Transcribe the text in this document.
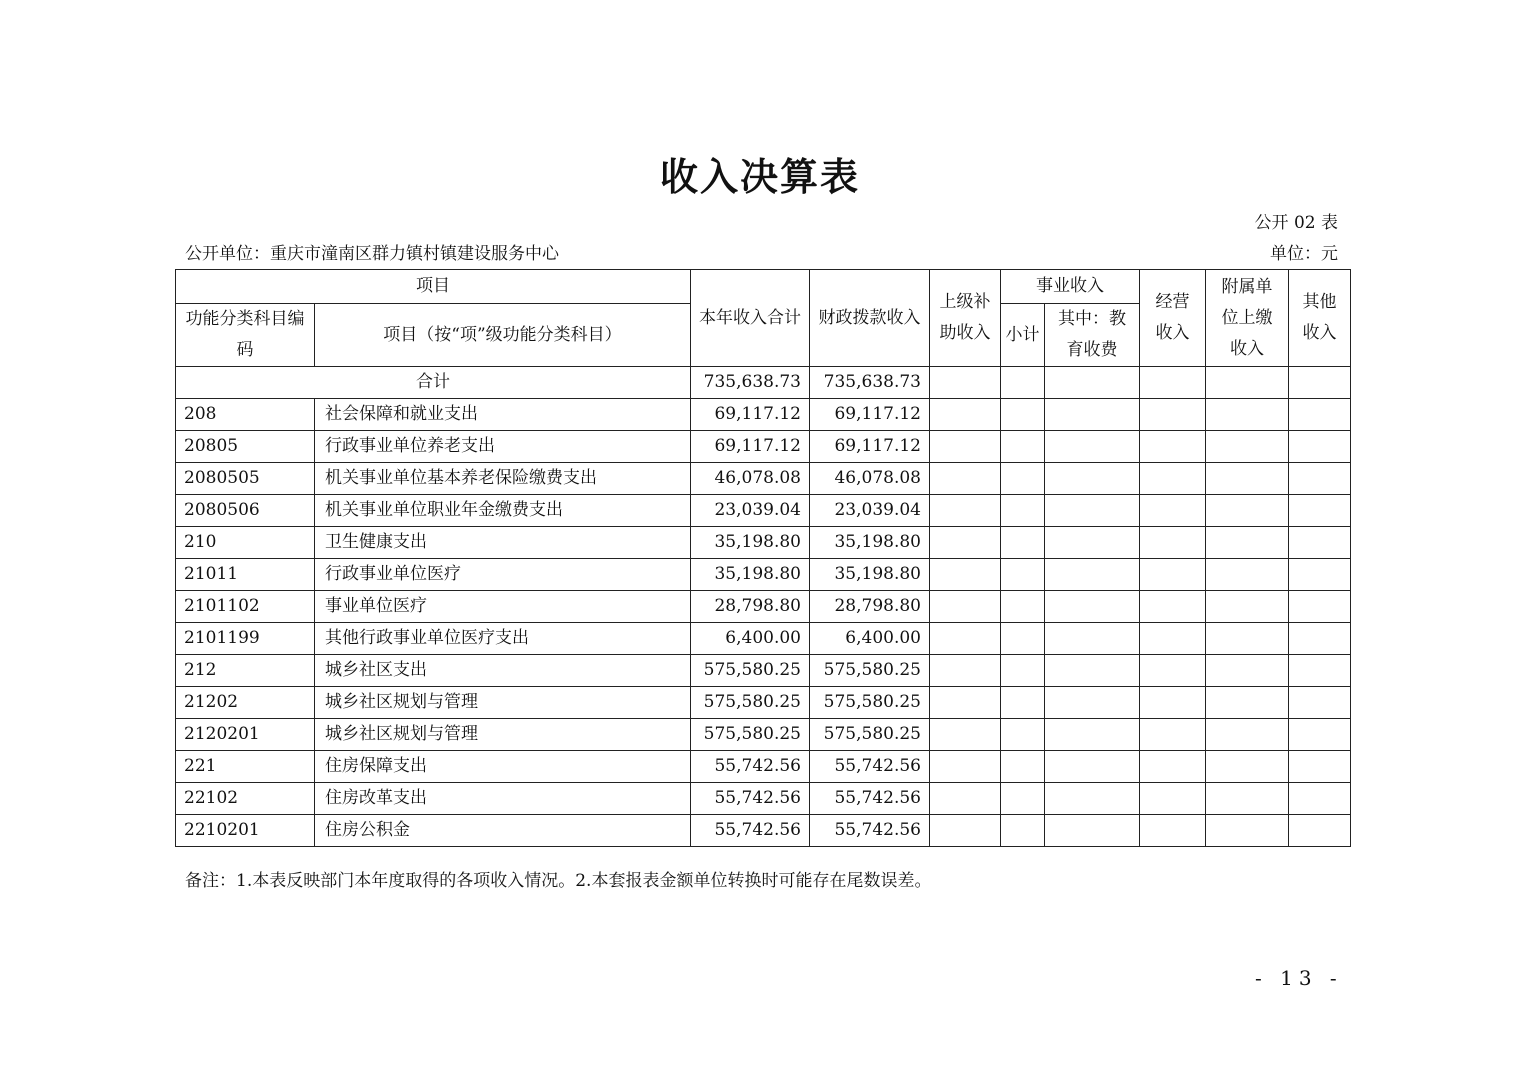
收入决算表
公开 02 表
公开单位：重庆市潼南区群力镇村镇建设服务中心	单位：元
项目		本年收入合计	财政拨款收入	上级补助收入	事业收入		经营收入	附属单位上缴收入	其他收入
功能分类科目编码	项目（按“项”级功能分类科目）				小计	其中：教育收费			
合计		735,638.73	735,638.73						
208	社会保障和就业支出	69,117.12	69,117.12						
20805	行政事业单位养老支出	69,117.12	69,117.12						
2080505	机关事业单位基本养老保险缴费支出	46,078.08	46,078.08						
2080506	机关事业单位职业年金缴费支出	23,039.04	23,039.04						
210	卫生健康支出	35,198.80	35,198.80						
21011	行政事业单位医疗	35,198.80	35,198.80						
2101102	事业单位医疗	28,798.80	28,798.80						
2101199	其他行政事业单位医疗支出	6,400.00	6,400.00						
212	城乡社区支出	575,580.25	575,580.25						
21202	城乡社区规划与管理	575,580.25	575,580.25						
2120201	城乡社区规划与管理	575,580.25	575,580.25						
221	住房保障支出	55,742.56	55,742.56						
22102	住房改革支出	55,742.56	55,742.56						
2210201	住房公积金	55,742.56	55,742.56						
备注：1.本表反映部门本年度取得的各项收入情况。2.本套报表金额单位转换时可能存在尾数误差。
- 13 -
